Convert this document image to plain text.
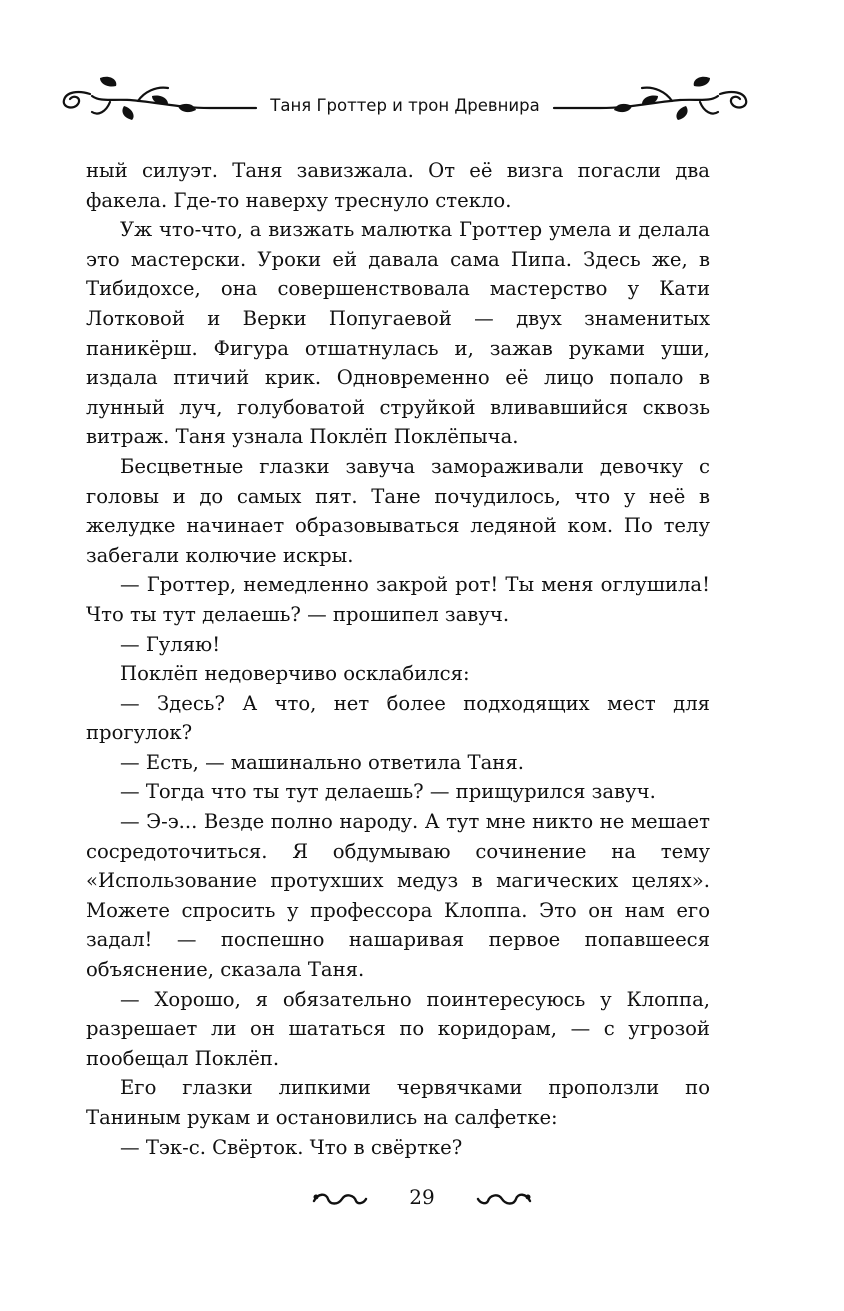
Таня Гроттер и трон Древнира

ный силуэт. Таня завизжала. От её визга погасли два факела. Где-то наверху треснуло стекло.

Уж что-что, а визжать малютка Гроттер умела и делала это мастерски. Уроки ей давала сама Пипа. Здесь же, в Тибидохсе, она совершенствовала мастерство у Кати Лотковой и Верки Попугаевой — двух знаменитых паникёрш. Фигура отшатнулась и, зажав руками уши, издала птичий крик. Одновременно её лицо попало в лунный луч, голубоватой струйкой вливавшийся сквозь витраж. Таня узнала Поклёп Поклёпыча.

Бесцветные глазки завуча замораживали девочку с головы и до самых пят. Тане почудилось, что у неё в желудке начинает образовываться ледяной ком. По телу забегали колючие искры.

— Гроттер, немедленно закрой рот! Ты меня оглушила! Что ты тут делаешь? — прошипел завуч.

— Гуляю!

Поклёп недоверчиво осклабился:

— Здесь? А что, нет более подходящих мест для прогулок?

— Есть, — машинально ответила Таня.

— Тогда что ты тут делаешь? — прищурился завуч.

— Э-э... Везде полно народу. А тут мне никто не мешает сосредоточиться. Я обдумываю сочинение на тему «Использование протухших медуз в магических целях». Можете спросить у профессора Клоппа. Это он нам его задал! — поспешно нашаривая первое попавшееся объяснение, сказала Таня.

— Хорошо, я обязательно поинтересуюсь у Клоппа, разрешает ли он шататься по коридорам, — с угрозой пообещал Поклёп.

Его глазки липкими червячками проползли по Таниным рукам и остановились на салфетке:

— Тэк-с. Свёрток. Что в свёртке?

29
